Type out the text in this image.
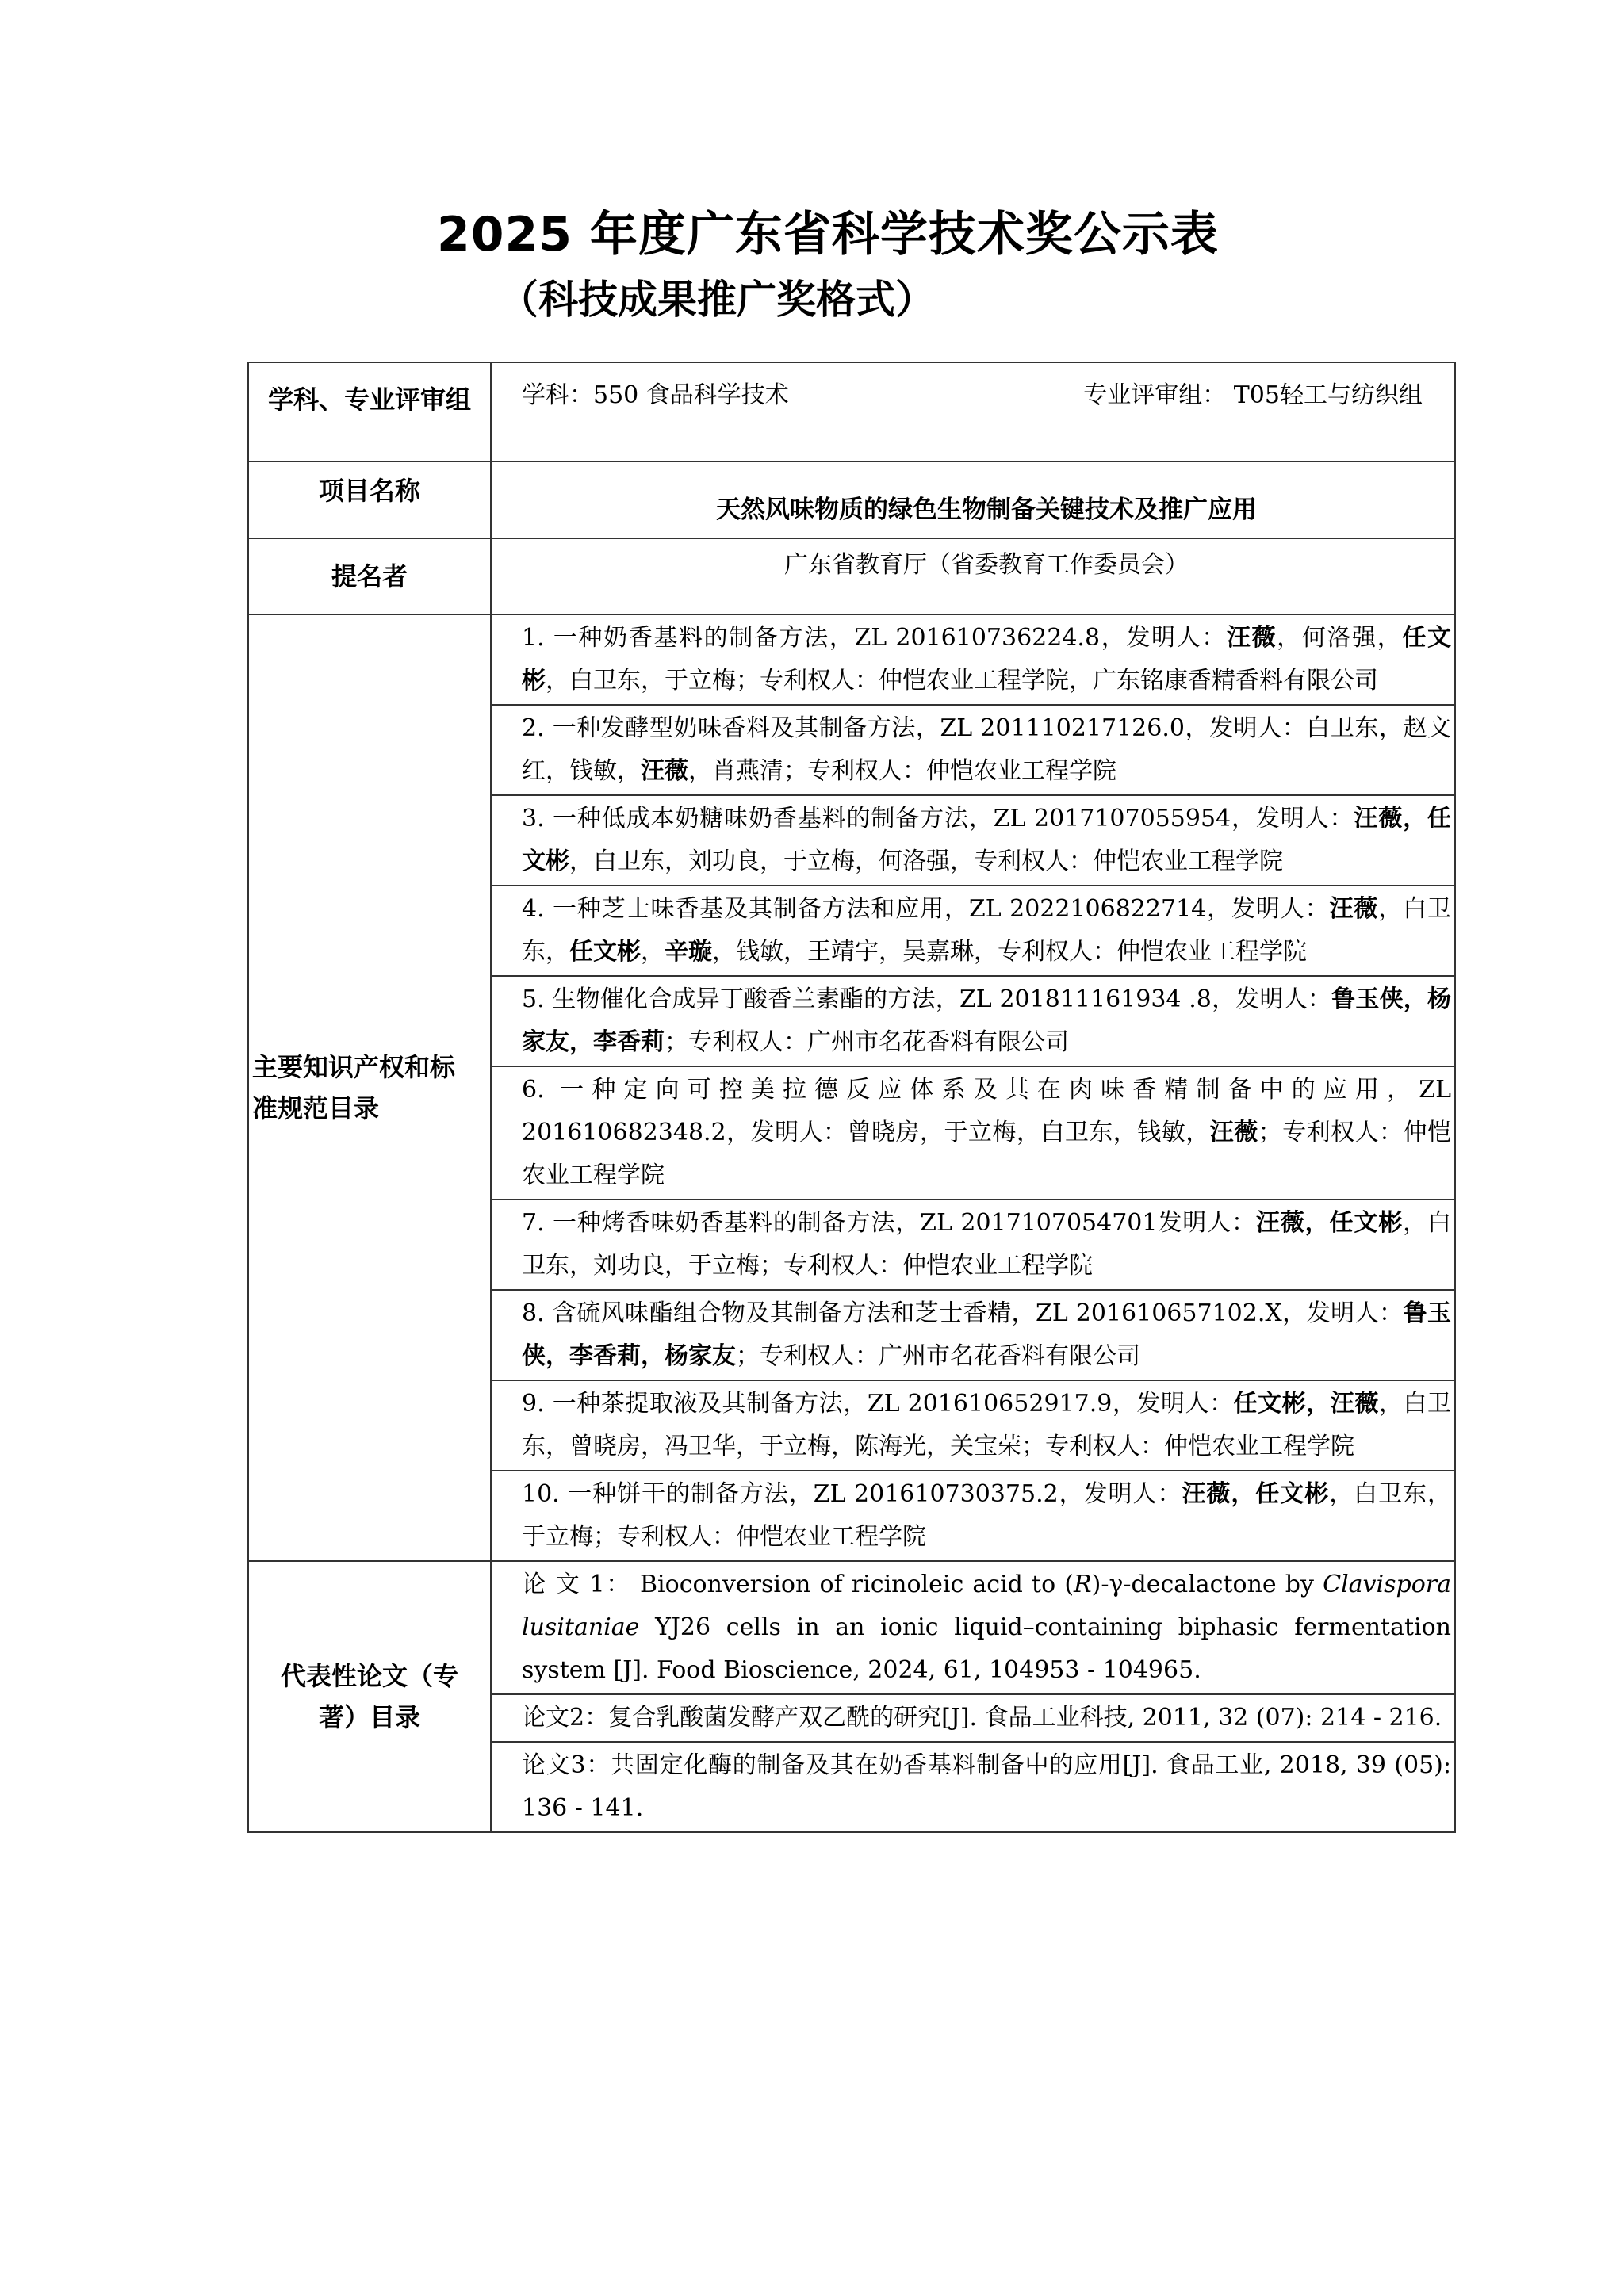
2025 年度广东省科学技术奖公示表
（科技成果推广奖格式）
学科、专业评审组	学科：550 食品科学技术 专业评审组： T05轻工与纺织组

项目名称	天然风味物质的绿色生物制备关键技术及推广应用
提名者	广东省教育厅（省委教育工作委员会）
主要知识产权和标准规范目录	1. 一种奶香基料的制备方法，ZL 201610736224.8，发明人：汪薇，何洛强，任文彬，白卫东，于立梅；专利权人：仲恺农业工程学院，广东铭康香精香料有限公司
	2. 一种发酵型奶味香料及其制备方法，ZL 201110217126.0，发明人：白卫东，赵文红，钱敏，汪薇，肖燕清；专利权人：仲恺农业工程学院
	3. 一种低成本奶糖味奶香基料的制备方法，ZL 2017107055954，发明人：汪薇，任文彬，白卫东，刘功良，于立梅，何洛强，专利权人：仲恺农业工程学院
	4. 一种芝士味香基及其制备方法和应用，ZL 2022106822714，发明人：汪薇，白卫东，任文彬，辛璇，钱敏，王靖宇，吴嘉琳，专利权人：仲恺农业工程学院
	5. 生物催化合成异丁酸香兰素酯的方法，ZL 201811161934 .8，发明人：鲁玉侠，杨家友，李香莉；专利权人：广州市名花香料有限公司
	6. 一种定向可控美拉德反应体系及其在肉味香精制备中的应用，ZL 201610682348.2，发明人：曾晓房，于立梅，白卫东，钱敏，汪薇；专利权人：仲恺农业工程学院
	7. 一种烤香味奶香基料的制备方法，ZL 2017107054701发明人：汪薇，任文彬，白卫东，刘功良，于立梅；专利权人：仲恺农业工程学院
	8. 含硫风味酯组合物及其制备方法和芝士香精，ZL 201610657102.X，发明人：鲁玉侠，李香莉，杨家友；专利权人：广州市名花香料有限公司
	9. 一种茶提取液及其制备方法，ZL 201610652917.9，发明人：任文彬，汪薇，白卫东，曾晓房，冯卫华，于立梅，陈海光，关宝荣；专利权人：仲恺农业工程学院
	10. 一种饼干的制备方法，ZL 201610730375.2，发明人：汪薇，任文彬，白卫东，于立梅；专利权人：仲恺农业工程学院
代表性论文（专著）目录	论 文 1： Bioconversion of ricinoleic acid to (R)-γ-decalactone by Clavispora lusitaniae YJ26 cells in an ionic liquid–containing biphasic fermentation system [J]. Food Bioscience, 2024, 61, 104953 - 104965.
	论文2：复合乳酸菌发酵产双乙酰的研究[J]. 食品工业科技, 2011, 32 (07): 214 - 216.
	论文3：共固定化酶的制备及其在奶香基料制备中的应用[J]. 食品工业, 2018, 39 (05): 136 - 141.
